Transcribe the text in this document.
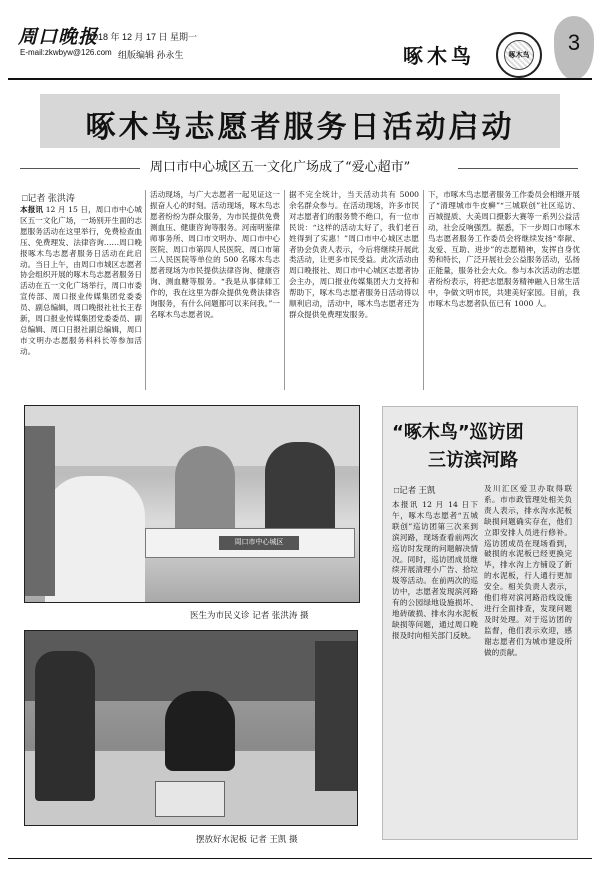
周口晚报
2018 年 12 月 17 日 星期一
E-mail:zkwbyw@126.com 组版编辑 孙永生	啄木鸟	啄木鸟
3
啄木鸟志愿者服务日活动启动
周口市中心城区五一文化广场成了“爱心超市”
□记者 张洪涛
本报讯 12 月 15 日，周口市中心城区五一文化广场，一场别开生面的志愿服务活动在这里举行，免费检查血压、免费理发、法律咨询……周口晚报啄木鸟志愿者服务日活动在此启动。当日上午，由周口市城区志愿者协会组织开展的啄木鸟志愿者服务日活动在五一文化广场举行，周口市委宣传部、周口报业传媒集团党委委员、副总编辑，周口晚报社社长王春新，周口报业传媒集团党委委员、副总编辑、周口日报社副总编辑，周口市文明办志愿服务科科长等参加活动。
活动现场，与广大志愿者一起见证这一振奋人心的时刻。活动现场，啄木鸟志愿者纷纷为群众服务，为市民提供免费测血压、健康咨询等服务。河南明鉴律师事务所、周口市文明办、周口市中心医院、周口市第四人民医院、周口市第二人民医院等单位的 500 名啄木鸟志愿者现场为市民提供法律咨询、健康咨询、测血糖等服务。“我是从事律师工作的，我在这里为群众提供免费法律咨询服务，有什么问题都可以来问我。”一名啄木鸟志愿者说。
据不完全统计，当天活动共有 5000 余名群众参与。在活动现场，许多市民对志愿者们的服务赞不绝口，有一位市民说：“这样的活动太好了，我们老百姓得到了实惠！”周口市中心城区志愿者协会负责人表示，今后将继续开展此类活动，让更多市民受益。此次活动由周口晚报社、周口市中心城区志愿者协会主办，周口报业传媒集团大力支持和帮助下，啄木鸟志愿者服务日活动得以顺利启动，活动中，啄木鸟志愿者还为群众提供免费理发服务。
下，市啄木鸟志愿者服务工作委员会相继开展了“清理城市牛皮癣”“三城联创”社区巡访、百城提质、大美周口摄影大赛等一系列公益活动，社会反响强烈。据悉，下一步周口市啄木鸟志愿者服务工作委员会将继续发扬“奉献、友爱、互助、进步”的志愿精神，发挥自身优势和特长，广泛开展社会公益服务活动，弘扬正能量，服务社会大众。参与本次活动的志愿者纷纷表示，将把志愿服务精神融入日常生活中，争做文明市民，共建美好家园。目前，我市啄木鸟志愿者队伍已有 1000 人。
周口市中心城区
医生为市民义诊 记者 张洪涛 摄
摆放好水泥板 记者 王凯 摄
“啄木鸟”巡访团
三访滨河路
□记者 王凯
本报讯 12 月 14 日下午，啄木鸟志愿者“五城联创”巡访团第三次来到滨河路，现场查看前两次巡访时发现的问题解决情况。同时，巡访团成员继续开展清理小广告、拾垃圾等活动。在前两次的巡访中，志愿者发现滨河路有的公园绿地设施损坏、地砖破损、排水沟水泥板缺损等问题，通过周口晚报及时向相关部门反映。
及川汇区爱卫办取得联系。市市政管理处相关负责人表示，排水沟水泥板缺损问题确实存在，他们立即安排人员进行修补。巡访团成员在现场看到，破损的水泥板已经更换完毕，排水沟上方铺设了新的水泥板，行人通行更加安全。相关负责人表示，他们将对滨河路沿线设施进行全面排查，发现问题及时处理。对于巡访团的监督，他们表示欢迎，感谢志愿者们为城市建设所做的贡献。
